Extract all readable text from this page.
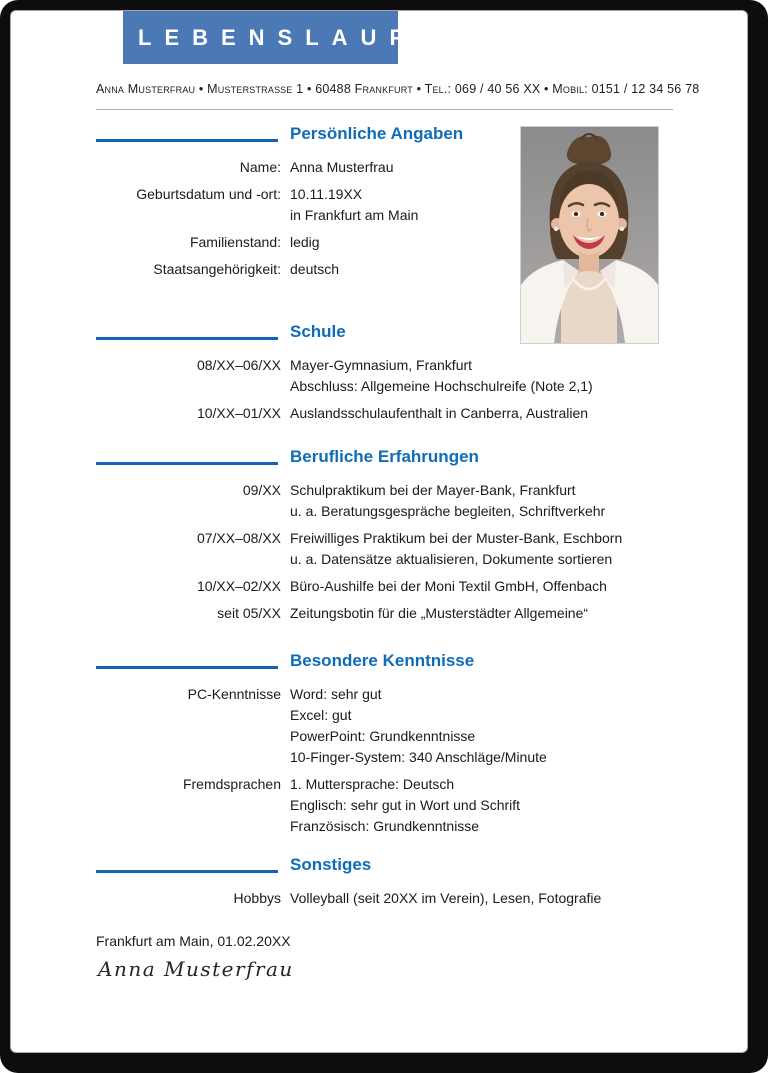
LEBENSLAUF
Anna Musterfrau • Musterstraße 1 • 60488 Frankfurt • Tel.: 069 / 40 56 XX • Mobil: 0151 / 12 34 56 78
Persönliche Angaben
Name: Anna Musterfrau
Geburtsdatum und -ort: 10.11.19XX
in Frankfurt am Main
Familienstand: ledig
Staatsangehörigkeit: deutsch
Schule
08/XX–06/XX Mayer-Gymnasium, Frankfurt
Abschluss: Allgemeine Hochschulreife (Note 2,1)
10/XX–01/XX Auslandsschulaufenthalt in Canberra, Australien
Berufliche Erfahrungen
09/XX Schulpraktikum bei der Mayer-Bank, Frankfurt
u. a. Beratungsgespräche begleiten, Schriftverkehr
07/XX–08/XX Freiwilliges Praktikum bei der Muster-Bank, Eschborn
u. a. Datensätze aktualisieren, Dokumente sortieren
10/XX–02/XX Büro-Aushilfe bei der Moni Textil GmbH, Offenbach
seit 05/XX Zeitungsbotin für die „Musterstädter Allgemeine“
Besondere Kenntnisse
PC-Kenntnisse Word: sehr gut
Excel: gut
PowerPoint: Grundkenntnisse
10-Finger-System: 340 Anschläge/Minute
Fremdsprachen 1. Muttersprache: Deutsch
Englisch: sehr gut in Wort und Schrift
Französisch: Grundkenntnisse
Sonstiges
Hobbys Volleyball (seit 20XX im Verein), Lesen, Fotografie
Frankfurt am Main, 01.02.20XX
Anna Musterfrau
